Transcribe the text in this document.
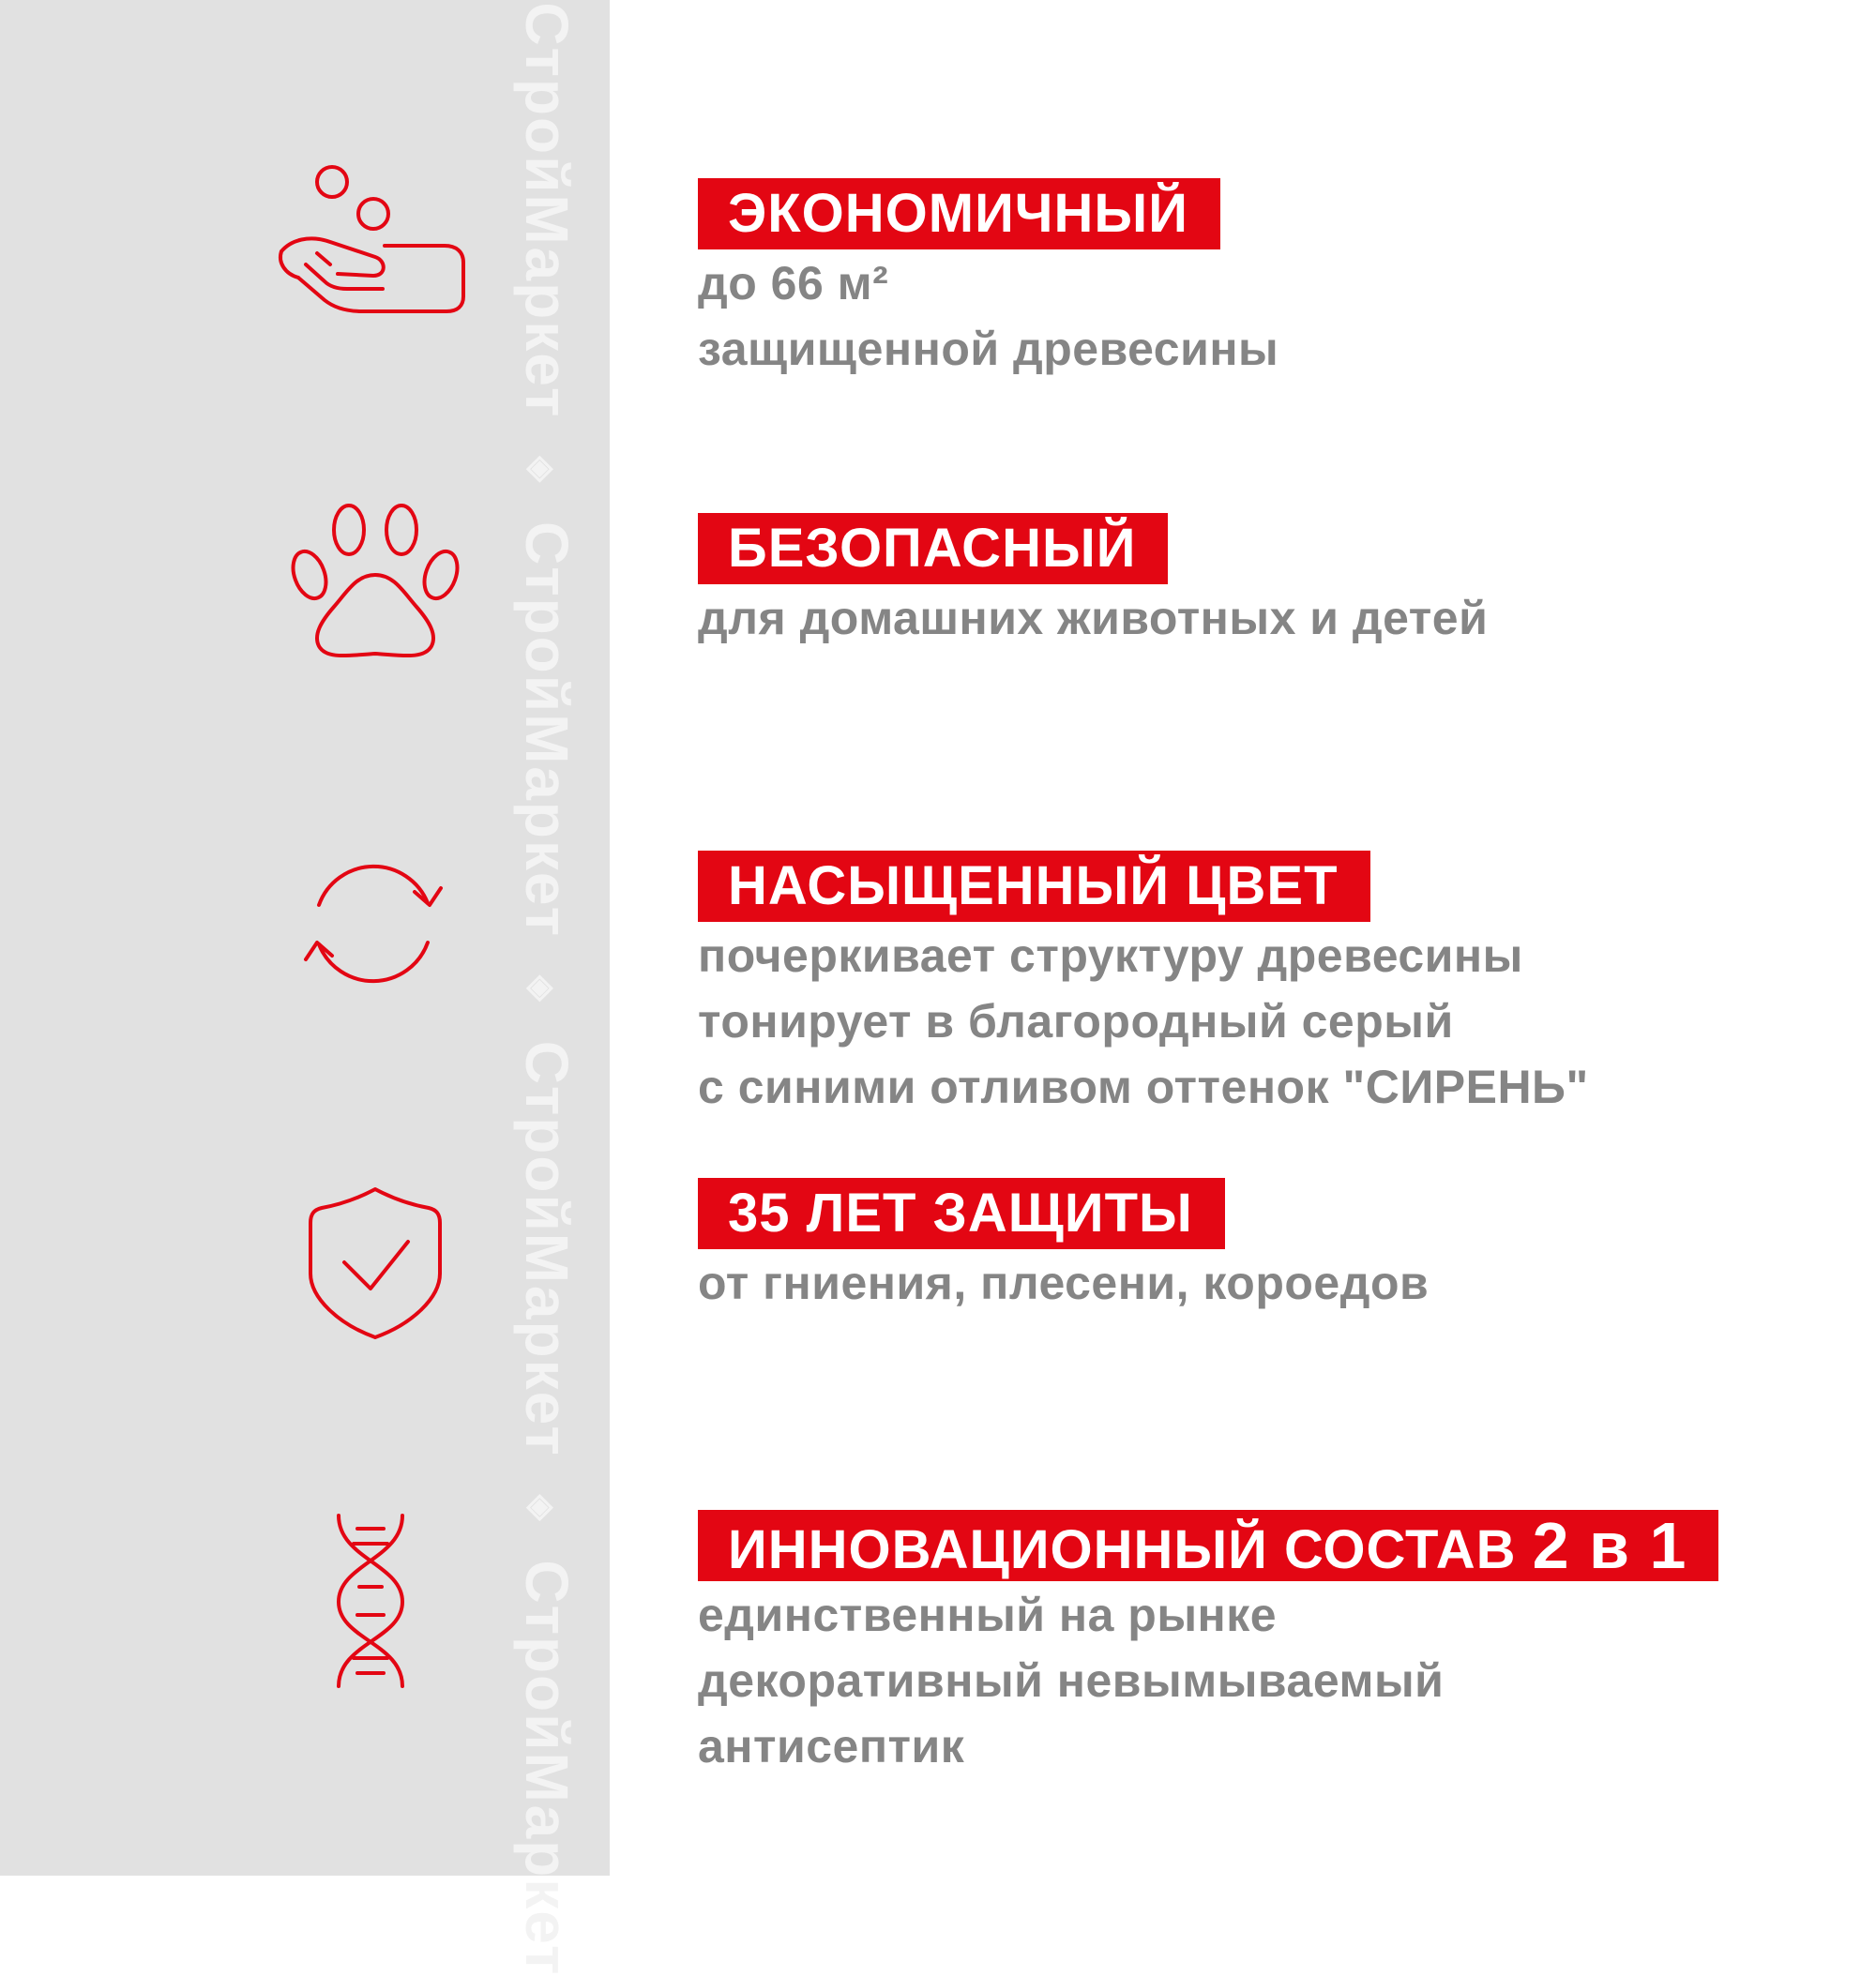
СтройМаркет◈СтройМаркет◈СтройМаркет◈СтройМаркет
ЭКОНОМИЧНЫЙ
до 66 м²
защищенной древесины
БЕЗОПАСНЫЙ
для домашних животных и детей
НАСЫЩЕННЫЙ ЦВЕТ
почеркивает структуру древесины
тонирует в благородный серый
с синими отливом оттенок "СИРЕНЬ"
35 ЛЕТ ЗАЩИТЫ
от гниения, плесени, короедов
ИННОВАЦИОННЫЙ СОСТАВ 2 в 1
единственный на рынке
декоративный невымываемый
антисептик
